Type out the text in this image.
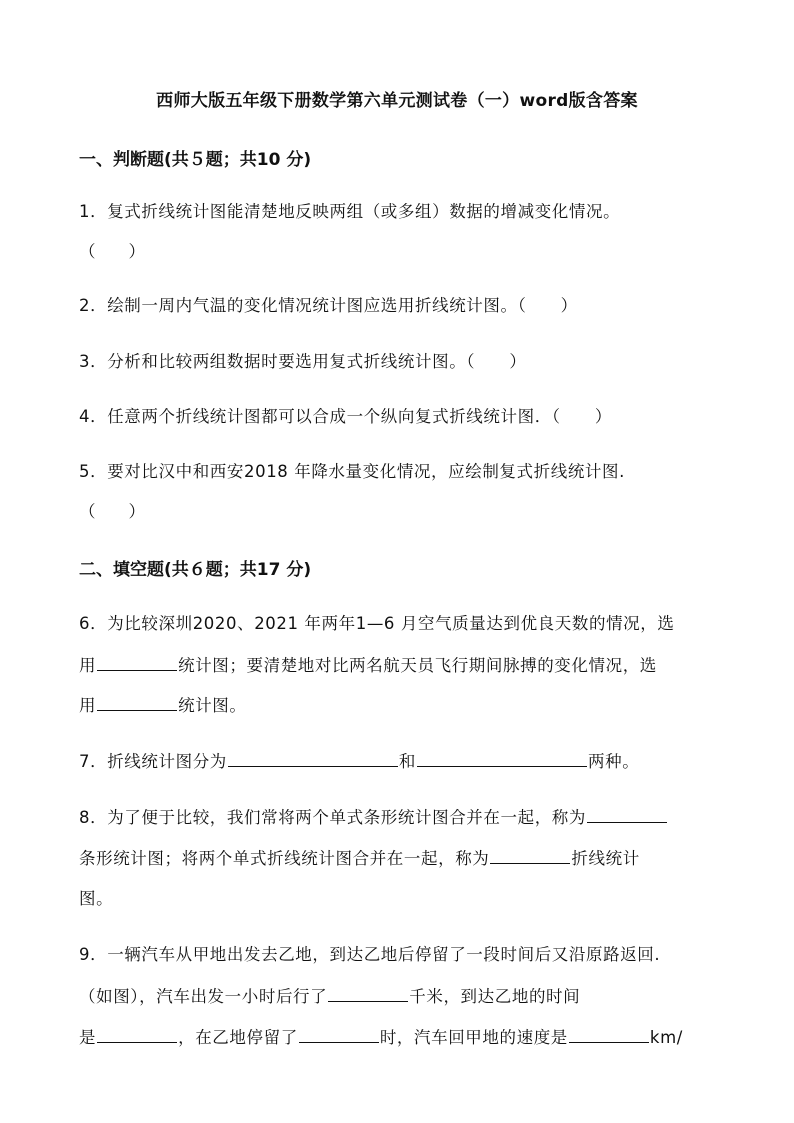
西师大版五年级下册数学第六单元测试卷（一）word版含答案
一、判断题(共５题；共10 分)
1．复式折线统计图能清楚地反映两组（或多组）数据的增减变化情况。
（　　）
2．绘制一周内气温的变化情况统计图应选用折线统计图。（　　）
3．分析和比较两组数据时要选用复式折线统计图。（　　）
4．任意两个折线统计图都可以合成一个纵向复式折线统计图．（　　）
5．要对比汉中和西安2018 年降水量变化情况，应绘制复式折线统计图.
（　　）
二、填空题(共６题；共17 分)
6．为比较深圳2020、2021 年两年1—6 月空气质量达到优良天数的情况，选
用	统计图；要清楚地对比两名航天员飞行期间脉搏的变化情况，选
用	统计图。
7．折线统计图分为	和	两种。
8．为了便于比较，我们常将两个单式条形统计图合并在一起，称为
条形统计图；将两个单式折线统计图合并在一起，称为	折线统计
图。
9．一辆汽车从甲地出发去乙地，到达乙地后停留了一段时间后又沿原路返回.
（如图），汽车出发一小时后行了	千米，到达乙地的时间
是	，在乙地停留了	时，汽车回甲地的速度是	km/
